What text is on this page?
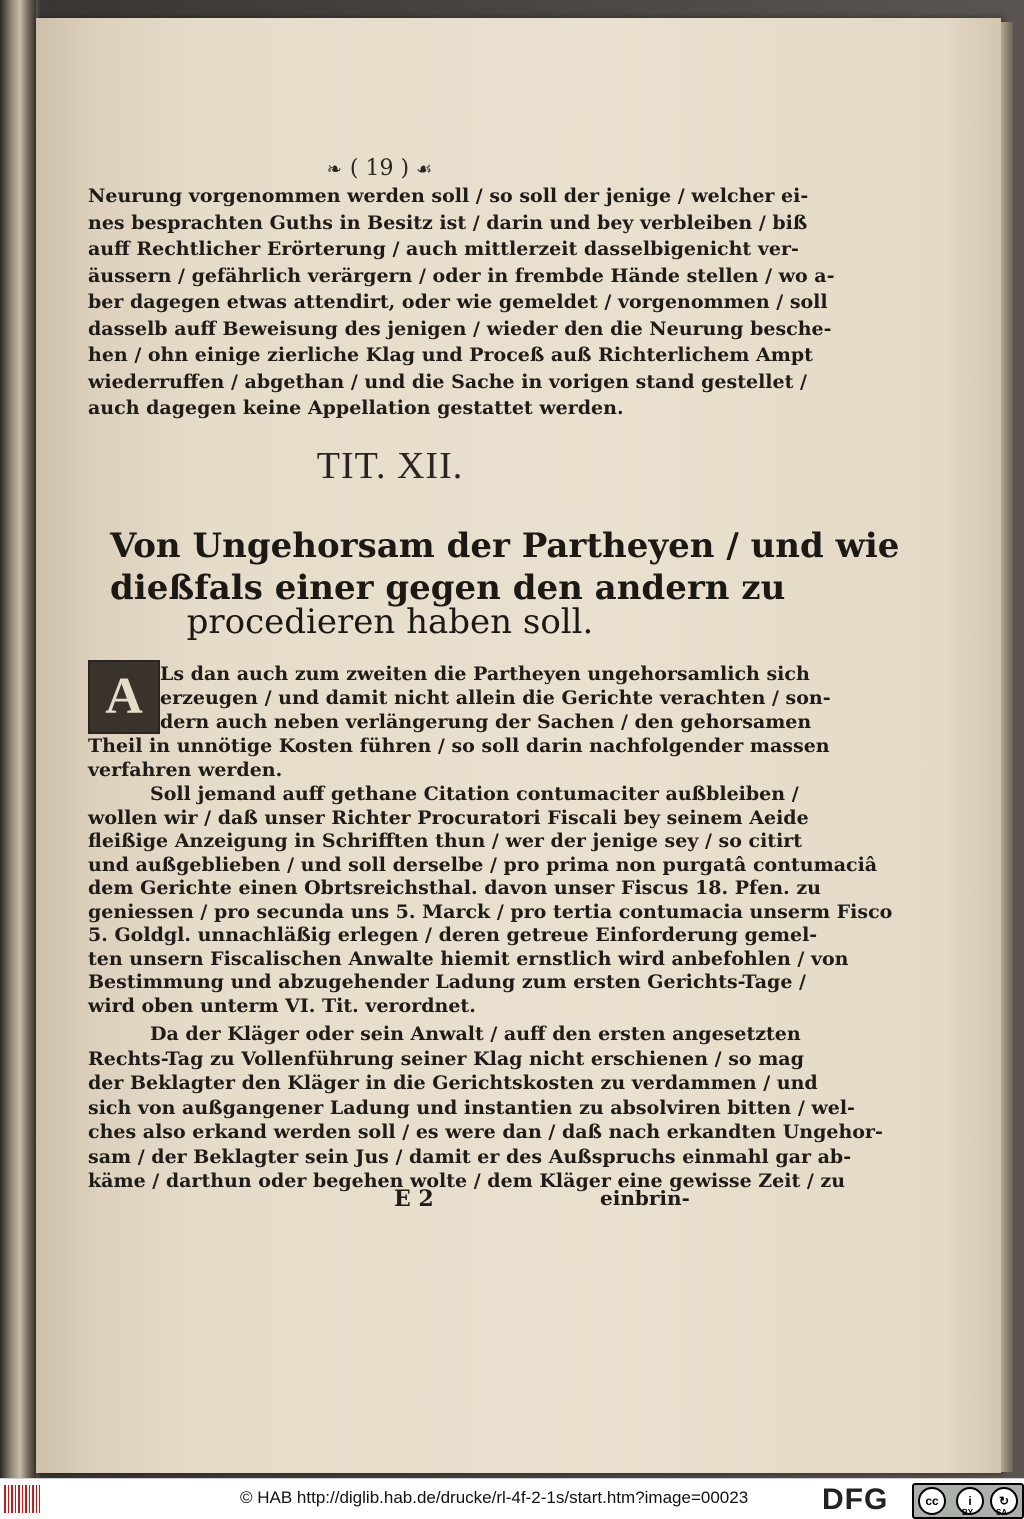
❧ ( 19 ) ☙
Neurung vorgenommen werden soll / so soll der jenige / welcher ei-
nes besprachten Guths in Besitz ist / darin und bey verbleiben / biß
auff Rechtlicher Erörterung / auch mittlerzeit dasselbigenicht ver-
äussern / gefährlich verärgern / oder in frembde Hände stellen / wo a-
ber dagegen etwas attendirt, oder wie gemeldet / vorgenommen / soll
dasselb auff Beweisung des jenigen / wieder den die Neurung besche-
hen / ohn einige zierliche Klag und Proceß auß Richterlichem Ampt
wiederruffen / abgethan / und die Sache in vorigen stand gestellet /
auch dagegen keine Appellation gestattet werden.
TIT. XII.
Von Ungehorsam der Partheyen / und wie
dießfals einer gegen den andern zu
procedieren haben soll.
A Ls dan auch zum zweiten die Partheyen ungehorsamlich sich
erzeugen / und damit nicht allein die Gerichte verachten / son-
dern auch neben verlängerung der Sachen / den gehorsamen
Theil in unnötige Kosten führen / so soll darin nachfolgender massen
verfahren werden.
Soll jemand auff gethane Citation contumaciter außbleiben /
wollen wir / daß unser Richter Procuratori Fiscali bey seinem Aeide
fleißige Anzeigung in Schrifften thun / wer der jenige sey / so citirt
und außgeblieben / und soll derselbe / pro prima non purgatâ contumaciâ
dem Gerichte einen Obrtsreichsthal. davon unser Fiscus 18. Pfen. zu
geniessen / pro secunda uns 5. Marck / pro tertia contumacia unserm Fisco
5. Goldgl. unnachläßig erlegen / deren getreue Einforderung gemel-
ten unsern Fiscalischen Anwalte hiemit ernstlich wird anbefohlen / von
Bestimmung und abzugehender Ladung zum ersten Gerichts-Tage /
wird oben unterm VI. Tit. verordnet.
Da der Kläger oder sein Anwalt / auff den ersten angesetzten
Rechts-Tag zu Vollenführung seiner Klag nicht erschienen / so mag
der Beklagter den Kläger in die Gerichtskosten zu verdammen / und
sich von außgangener Ladung und instantien zu absolviren bitten / wel-
ches also erkand werden soll / es were dan / daß nach erkandten Ungehor-
sam / der Beklagter sein Jus / damit er des Außspruchs einmahl gar ab-
käme / darthun oder begehen wolte / dem Kläger eine gewisse Zeit / zu
E 2	einbrin-
© HAB http://diglib.hab.de/drucke/rl-4f-2-1s/start.htm?image=00023 DFG	cc	i	↻
BY	SA
